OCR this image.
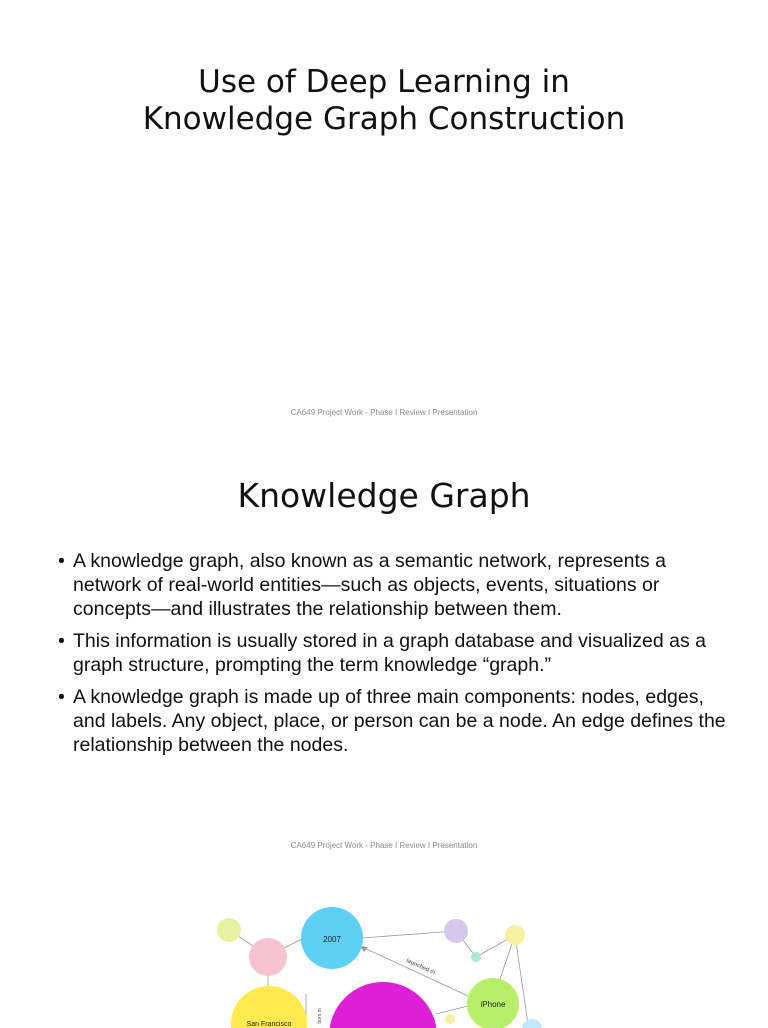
Use of Deep Learning in
Knowledge Graph Construction
CA649 Project Work - Phase I Review I Presentation
Knowledge Graph
• A knowledge graph, also known as a semantic network, represents a network of real-world entities—such as objects, events, situations or concepts—and illustrates the relationship between them.
• This information is usually stored in a graph database and visualized as a graph structure, prompting the term knowledge “graph.”
• A knowledge graph is made up of three main components: nodes, edges, and labels. Any object, place, or person can be a node. An edge defines the relationship between the nodes.
CA649 Project Work - Phase I Review I Presentation
2007
iPhone
San Francisco
launched in
born in
